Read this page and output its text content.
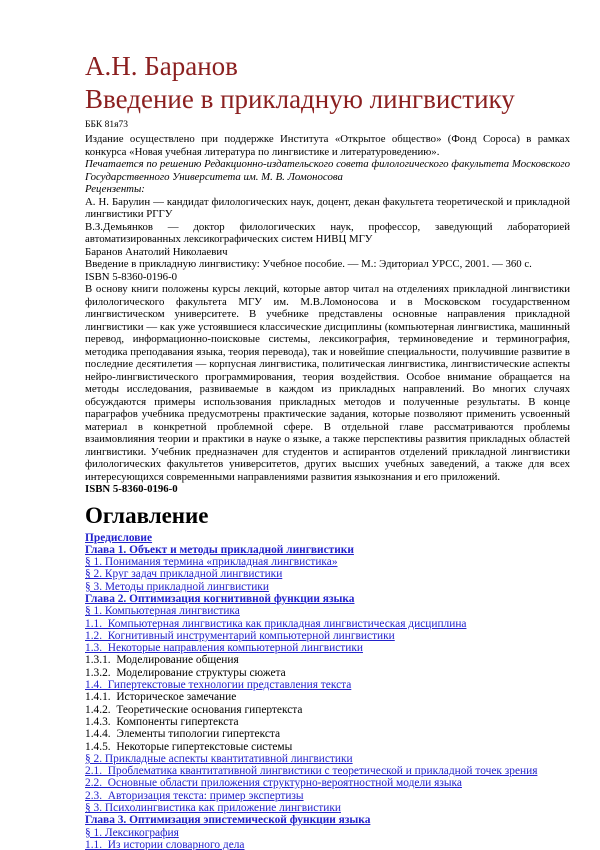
А.Н. Баранов
Введение в прикладную лингвистику
ББК 81я73

Издание осуществлено при поддержке Института «Открытое общество» (Фонд Сороса) в рамках конкурса «Новая учебная литература по лингвистике и литературоведению».

Печатается по решению Редакционно-издательского совета филологического факультета Московского Государственного Университета им. М. В. Ломоносова

Рецензенты:

А. Н. Барулин — кандидат филологических наук, доцент, декан факультета теоретической и прикладной лингвистики РГГУ

В.З.Демьянков — доктор филологических наук, профессор, заведующий лабораторией автоматизированных лексикографических систем НИВЦ МГУ

Баранов Анатолий Николаевич

Введение в прикладную лингвистику: Учебное пособие. — М.: Эдиториал УРСС, 2001. — 360 с.

ISBN 5-8360-0196-0

В основу книги положены курсы лекций, которые автор читал на отделениях прикладной лингвистики филологического факультета МГУ им. М.В.Ломоносова и в Московском государственном лингвистическом университете. В учебнике представлены основные направления прикладной лингвистики — как уже устоявшиеся классические дисциплины (компьютерная лингвистика, машинный перевод, информационно-поисковые системы, лексикография, терминоведение и терминография, методика преподавания языка, теория перевода), так и новейшие специальности, получившие развитие в последние десятилетия — корпусная лингвистика, политическая лингвистика, лингвистические аспекты нейро-лингвистического программирования, теория воздействия. Особое внимание обращается на методы исследования, развиваемые в каждом из прикладных направлений. Во многих случаях обсуждаются примеры использования прикладных методов и полученные результаты. В конце параграфов учебника предусмотрены практические задания, которые позволяют применить усвоенный материал в конкретной проблемной сфере. В отдельной главе рассматриваются проблемы взаимовлияния теории и практики в науке о языке, а также перспективы развития прикладных областей лингвистики. Учебник предназначен для студентов и аспирантов отделений прикладной лингвистики филологических факультетов университетов, других высших учебных заведений, а также для всех интересующихся современными направлениями развития языкознания и его приложений.

ISBN 5-8360-0196-0

Оглавление
Предисловие
Глава 1. Объект и методы прикладной лингвистики
§ 1. Понимания термина «прикладная лингвистика»
§ 2. Круг задач прикладной лингвистики
§ 3. Методы прикладной лингвистики
Глава 2. Оптимизация когнитивной функции языка
§ 1. Компьютерная лингвистика
1.1.  Компьютерная лингвистика как прикладная лингвистическая дисциплина
1.2.  Когнитивный инструментарий компьютерной лингвистики
1.3.  Некоторые направления компьютерной лингвистики
1.3.1.  Моделирование общения
1.3.2.  Моделирование структуры сюжета
1.4.  Гипертекстовые технологии представления текста
1.4.1.  Историческое замечание
1.4.2.  Теоретические основания гипертекста
1.4.3.  Компоненты гипертекста
1.4.4.  Элементы типологии гипертекста
1.4.5.  Некоторые гипертекстовые системы
§ 2. Прикладные аспекты квантитативной лингвистики
2.1.  Проблематика квантитативной лингвистики с теоретической и прикладной точек зрения
2.2.  Основные области приложения структурно-вероятностной модели языка
2.3.  Авторизация текста: пример экспертизы
§ 3. Психолингвистика как приложение лингвистики
Глава 3. Оптимизация эпистемической функции языка
§ 1. Лексикография
1.1.  Из истории словарного дела
